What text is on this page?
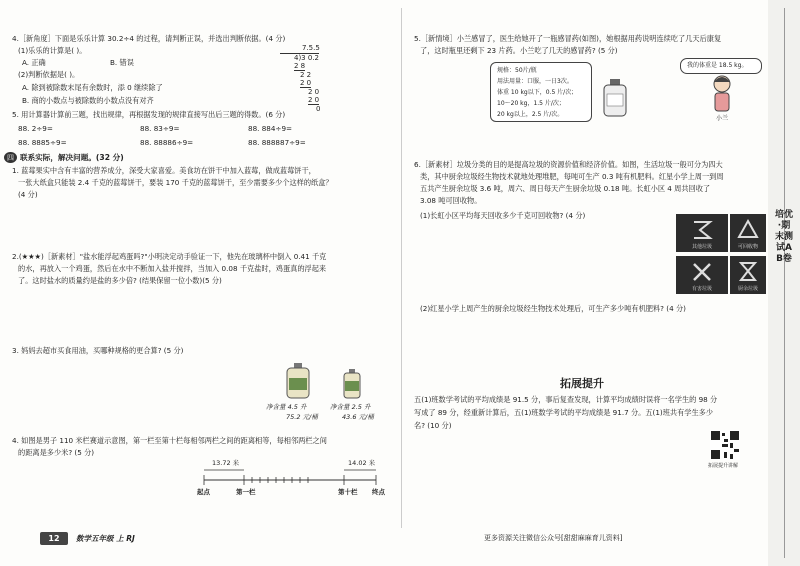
4.［新角度］下面是乐乐计算 30.2÷4 的过程，请判断正误，并选出判断依据。(4 分)
(1)乐乐的计算是( )。
A. 正确	B. 错误
(2)判断依据是( )。
A. 除到被除数末尾有余数时，添 0 继续除了
B. 商的小数点与被除数的小数点没有对齐
7.5.5
4)3 0.2
2 8
2 2
2 0
2 0
2 0
0
5. 用计算器计算前三题，找出规律，再根据发现的规律直接写出后三题的得数。(6 分)
88. 2÷9=	88. 83÷9=	88. 884÷9=
88. 8885÷9=	88. 88886÷9=	88. 888887÷9=
四 联系实际，解决问题。(32 分)
1. 蓝莓果实中含有丰富的营养成分，深受大家喜爱。美食坊在饼干中加入蓝莓，做成蓝莓饼干，
一张大纸盒只能装 2.4 千克的蓝莓饼干，要装 170 千克的蓝莓饼干，至少需要多少个这样的纸盒？
(4 分)
2.(★★★)［新素材］"盐水能浮起鸡蛋吗?"小明决定动手验证一下，他先在玻璃杯中倒入 0.41 千克
的水，再放入一个鸡蛋，然后在水中不断加入盐并搅拌，当加入 0.08 千克盐时，鸡蛋真的浮起来
了。这时盐水的质量约是盐的多少倍? (结果保留一位小数)(5 分)
3. 妈妈去超市买食用油，买哪种规格的更合算? (5 分)
净含量 4.5 升
75.2 元/桶
净含量 2.5 升
43.6 元/桶
4. 如图是男子 110 米栏赛道示意图，第一栏至第十栏每相邻两栏之间的距离相等，每相邻两栏之间
的距离是多少米? (5 分)
13.72 米	14.02 米
起点	第一栏	第十栏 终点
12	数学五年级 上 RJ
5.［新情境］小兰感冒了，医生给她开了一瓶感冒药(如图)，她根据用药说明连续吃了几天后康复
了，这时瓶里还剩下 23 片药。小兰吃了几天的感冒药? (5 分)
规格：50片/瓶
用法用量：口服，一日3次。
体重 10 kg以下，0.5 片/次；
10～20 kg，1.5 片/次；
20 kg以上，2.5 片/次。
我的体重是 18.5 kg。
小兰
6.［新素材］垃圾分类的目的是提高垃圾的资源价值和经济价值。如图，生活垃圾一般可分为四大
类，其中厨余垃圾经生物技术就地处理堆肥，每吨可生产 0.3 吨有机肥料。红星小学上周一到周
五共产生厨余垃圾 3.6 吨，周六、周日每天产生厨余垃圾 0.18 吨。长虹小区 4 周共回收了
3.08 吨可回收物。
(1)长虹小区平均每天回收多少千克可回收物? (4 分)
其他垃圾	可回收物
有害垃圾	厨余垃圾
(2)红星小学上周产生的厨余垃圾经生物技术处理后，可生产多少吨有机肥料? (4 分)
拓展提升
五(1)班数学考试的平均成绩是 91.5 分，事后复查发现，计算平均成绩时误将一名学生的 98 分
写成了 89 分，经重新计算后，五(1)班数学考试的平均成绩是 91.7 分。五(1)班共有学生多少
名? (10 分)
拓展提升讲解
更多资源关注微信公众号[甜甜麻麻育儿资料]
培优·期末测试AB卷
